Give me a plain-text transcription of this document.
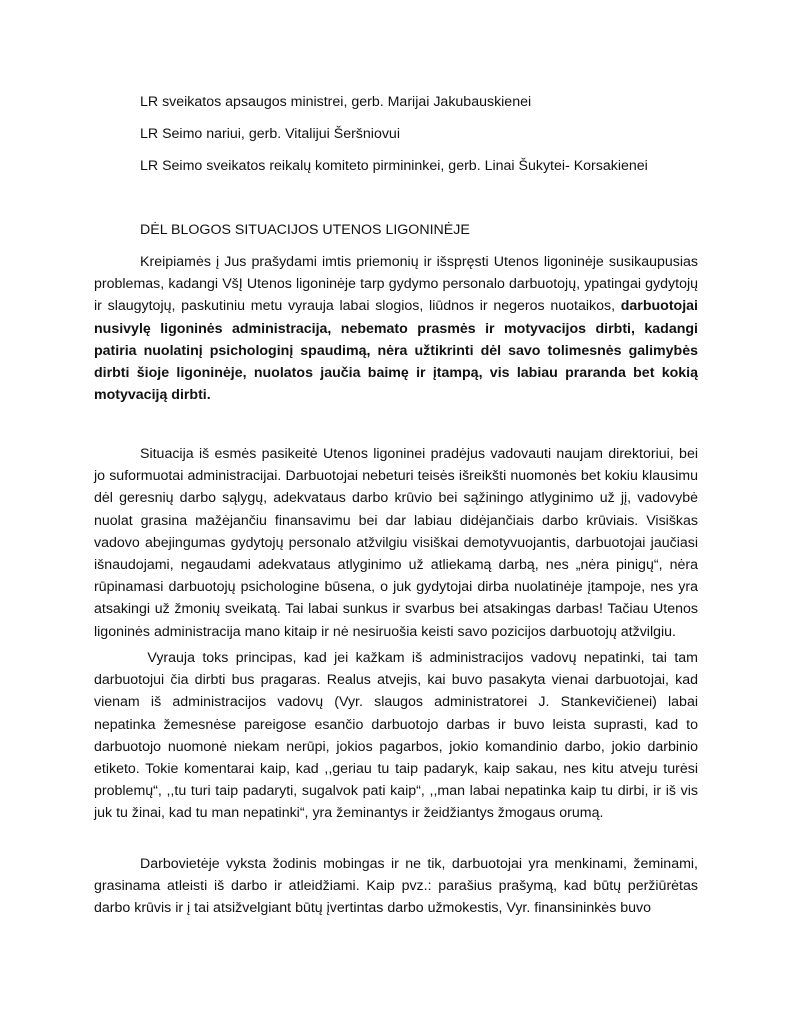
LR sveikatos apsaugos ministrei, gerb. Marijai Jakubauskienei
LR Seimo nariui, gerb. Vitalijui Šeršniovui
LR Seimo sveikatos reikalų komiteto pirmininkei, gerb. Linai Šukytei- Korsakienei
DĖL BLOGOS SITUACIJOS UTENOS LIGONINĖJE

Kreipiamės į Jus prašydami imtis priemonių ir išspręsti Utenos ligoninėje susikaupusias problemas, kadangi VšĮ Utenos ligoninėje tarp gydymo personalo darbuotojų, ypatingai gydytojų ir slaugytojų, paskutiniu metu vyrauja labai slogios, liūdnos ir negeros nuotaikos, darbuotojai nusivylę ligoninės administracija, nebemato prasmės ir motyvacijos dirbti, kadangi patiria nuolatinį psichologinį spaudimą, nėra užtikrinti dėl savo tolimesnės galimybės dirbti šioje ligoninėje, nuolatos jaučia baimę ir įtampą, vis labiau praranda bet kokią motyvaciją dirbti.

Situacija iš esmės pasikeitė Utenos ligoninei pradėjus vadovauti naujam direktoriui, bei jo suformuotai administracijai. Darbuotojai nebeturi teisės išreikšti nuomonės bet kokiu klausimu dėl geresnių darbo sąlygų, adekvataus darbo krūvio bei sąžiningo atlyginimo už jį, vadovybė nuolat grasina mažėjančiu finansavimu bei dar labiau didėjančiais darbo krūviais. Visiškas vadovo abejingumas gydytojų personalo atžvilgiu visiškai demotyvuojantis, darbuotojai jaučiasi išnaudojami, negaudami adekvataus atlyginimo už atliekamą darbą, nes „nėra pinigų“, nėra rūpinamasi darbuotojų psichologine būsena, o juk gydytojai dirba nuolatinėje įtampoje, nes yra atsakingi už žmonių sveikatą. Tai labai sunkus ir svarbus bei atsakingas darbas! Tačiau Utenos ligoninės administracija mano kitaip ir nė nesiruošia keisti savo pozicijos darbuotojų atžvilgiu.

Vyrauja toks principas, kad jei kažkam iš administracijos vadovų nepatinki, tai tam darbuotojui čia dirbti bus pragaras. Realus atvejis, kai buvo pasakyta vienai darbuotojai, kad vienam iš administracijos vadovų (Vyr. slaugos administratorei J. Stankevičienei) labai nepatinka žemesnėse pareigose esančio darbuotojo darbas ir buvo leista suprasti, kad to darbuotojo nuomonė niekam nerūpi, jokios pagarbos, jokio komandinio darbo, jokio darbinio etiketo. Tokie komentarai kaip, kad ,,geriau tu taip padaryk, kaip sakau, nes kitu atveju turėsi problemų“, ,,tu turi taip padaryti, sugalvok pati kaip“, ,,man labai nepatinka kaip tu dirbi, ir iš vis juk tu žinai, kad tu man nepatinki“, yra žeminantys ir žeidžiantys žmogaus orumą.

Darbovietėje vyksta žodinis mobingas ir ne tik, darbuotojai yra menkinami, žeminami, grasinama atleisti iš darbo ir atleidžiami. Kaip pvz.: parašius prašymą, kad būtų peržiūrėtas darbo krūvis ir į tai atsižvelgiant būtų įvertintas darbo užmokestis, Vyr. finansininkės buvo
